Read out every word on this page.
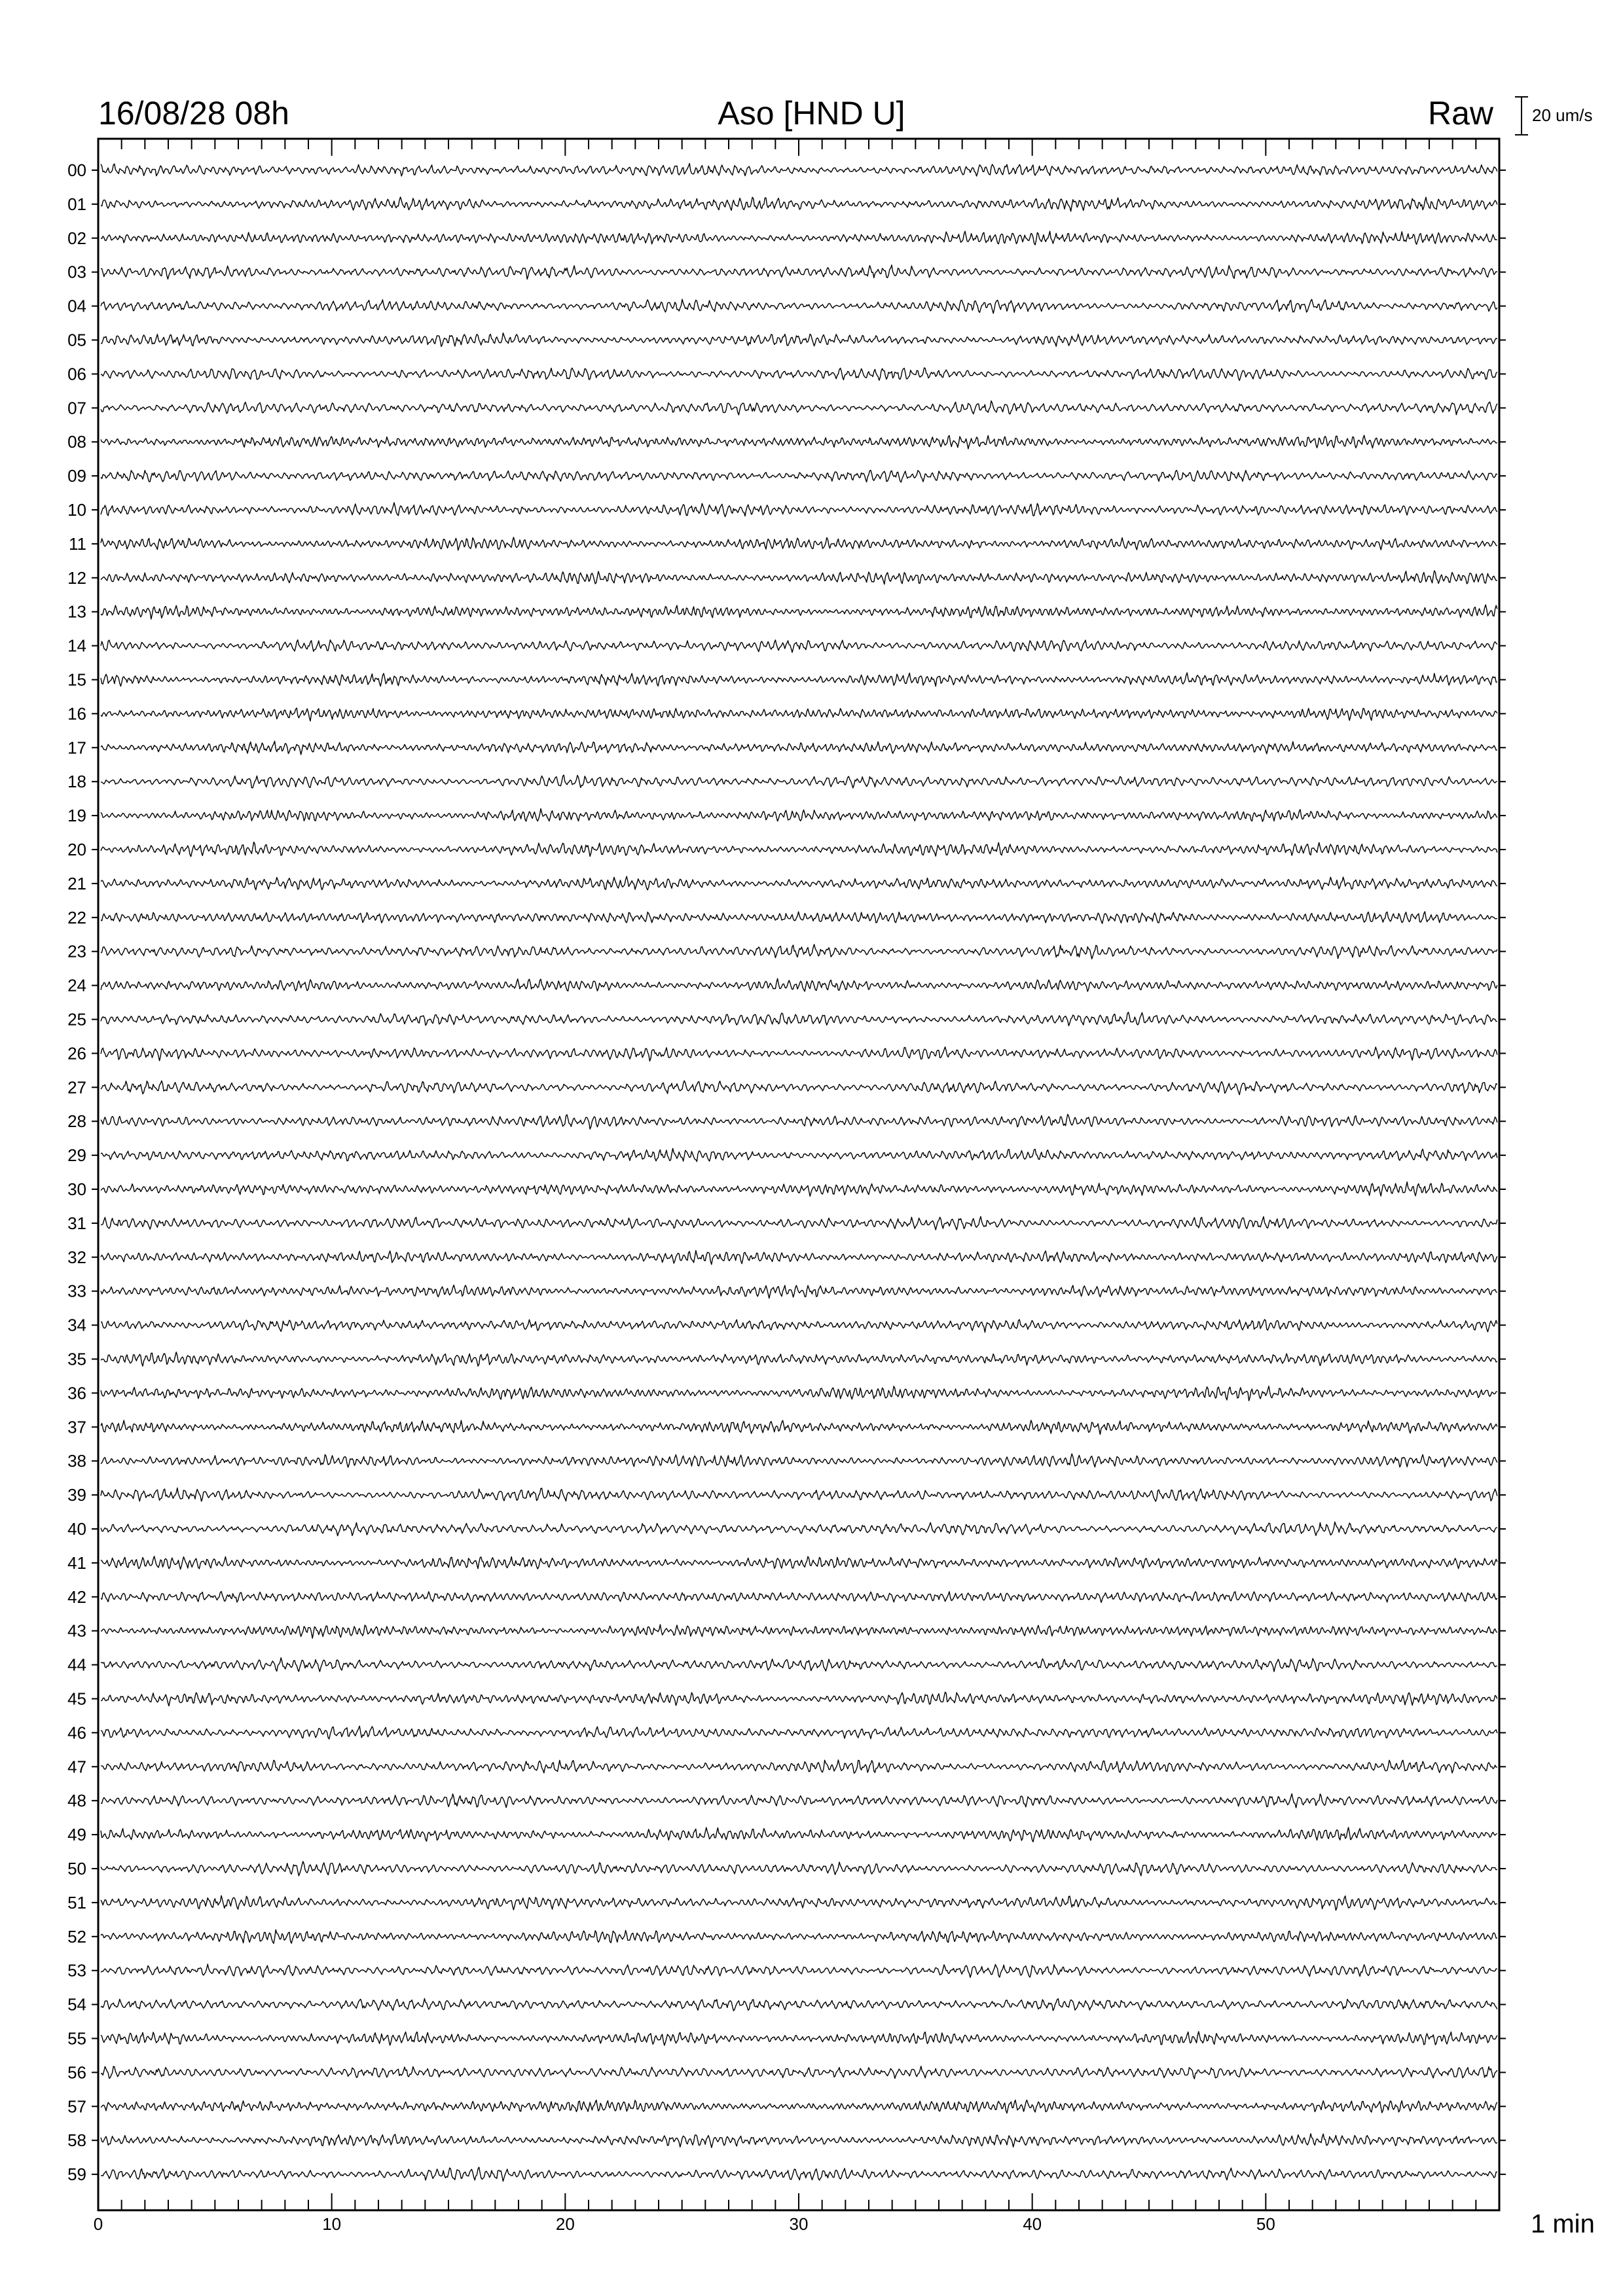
0	10	20	30	40	50
00
01
02
03
04
05
06
07
08
09
10
11
12
13
14
15
16
17
18
19
20
21
22
23
24
25
26
27
28
29
30
31
32
33
34
35
36
37
38
39
40
41
42
43
44
45
46
47
48
49
50
51
52
53
54
55
56
57
58
59
16/08/28 08h	Aso [HND U]	Raw 20 um/s
1 min
